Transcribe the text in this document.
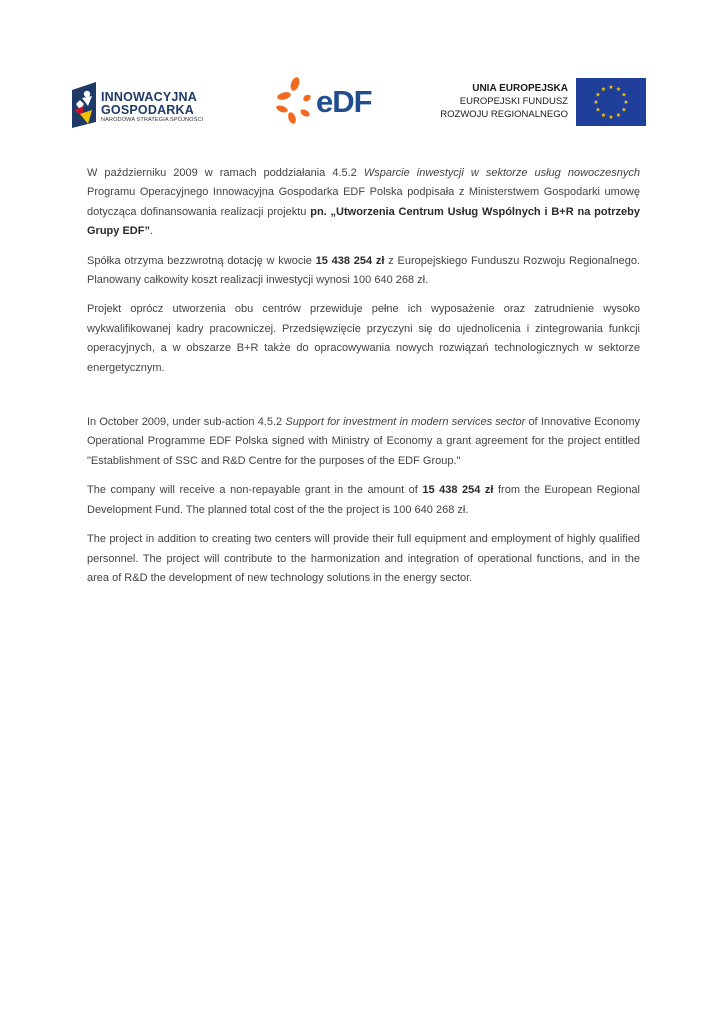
INNOWACYJNA
GOSPODARKA
NARODOWA STRATEGIA SPÓJNOŚCI
eDF	UNIA EUROPEJSKA
EUROPEJSKI FUNDUSZ
ROZWOJU REGIONALNEGO
★ ★
★
★
★
★
★
★
★
★
★
★

W październiku 2009 w ramach poddziałania 4.5.2 Wsparcie inwestycji w sektorze usług nowoczesnych Programu Operacyjnego Innowacyjna Gospodarka EDF Polska podpisała z Ministerstwem Gospodarki umowę dotycząca dofinansowania realizacji projektu pn. „Utworzenia Centrum Usług Wspólnych i B+R na potrzeby Grupy EDF”.

Spółka otrzyma bezzwrotną dotację w kwocie 15 438 254 zł z Europejskiego Funduszu Rozwoju Regionalnego. Planowany całkowity koszt realizacji inwestycji wynosi 100 640 268 zł.

Projekt oprócz utworzenia obu centrów przewiduje pełne ich wyposażenie oraz zatrudnienie wysoko wykwalifikowanej kadry pracowniczej. Przedsięwzięcie przyczyni się do ujednolicenia i zintegrowania funkcji operacyjnych, a w obszarze B+R także do opracowywania nowych rozwiązań technologicznych w sektorze energetycznym.

In October 2009, under sub-action 4.5.2 Support for investment in modern services sector of Innovative Economy Operational Programme EDF Polska signed with Ministry of Economy a grant agreement for the project entitled "Establishment of SSC and R&D Centre for the purposes of the EDF Group."

The company will receive a non-repayable grant in the amount of 15 438 254 zł from the European Regional Development Fund. The planned total cost of the the project is 100 640 268 zł.

The project in addition to creating two centers will provide their full equipment and employment of highly qualified personnel. The project will contribute to the harmonization and integration of operational functions, and in the area of R&D the development of new technology solutions in the energy sector.
